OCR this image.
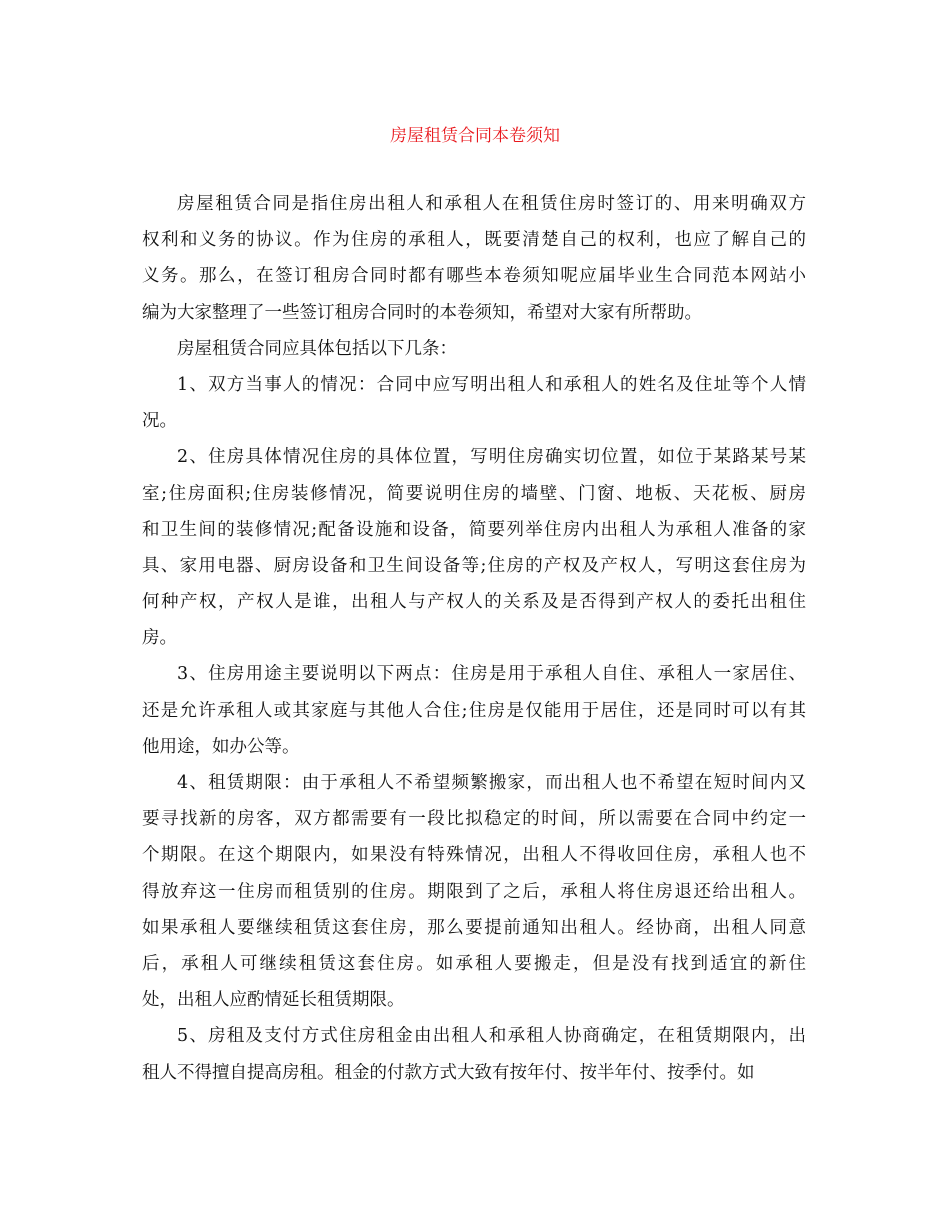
房屋租赁合同本卷须知
房屋租赁合同是指住房出租人和承租人在租赁住房时签订的、用来明确双方
权利和义务的协议。作为住房的承租人，既要清楚自己的权利，也应了解自己的
义务。那么，在签订租房合同时都有哪些本卷须知呢应届毕业生合同范本网站小
编为大家整理了一些签订租房合同时的本卷须知，希望对大家有所帮助。
房屋租赁合同应具体包括以下几条：
1、双方当事人的情况：合同中应写明出租人和承租人的姓名及住址等个人情
况。
2、住房具体情况住房的具体位置，写明住房确实切位置，如位于某路某号某
室;住房面积;住房装修情况，简要说明住房的墙壁、门窗、地板、天花板、厨房
和卫生间的装修情况;配备设施和设备，简要列举住房内出租人为承租人准备的家
具、家用电器、厨房设备和卫生间设备等;住房的产权及产权人，写明这套住房为
何种产权，产权人是谁，出租人与产权人的关系及是否得到产权人的委托出租住
房。
3、住房用途主要说明以下两点：住房是用于承租人自住、承租人一家居住、
还是允许承租人或其家庭与其他人合住;住房是仅能用于居住，还是同时可以有其
他用途，如办公等。
4、租赁期限：由于承租人不希望频繁搬家，而出租人也不希望在短时间内又
要寻找新的房客，双方都需要有一段比拟稳定的时间，所以需要在合同中约定一
个期限。在这个期限内，如果没有特殊情况，出租人不得收回住房，承租人也不
得放弃这一住房而租赁别的住房。期限到了之后，承租人将住房退还给出租人。
如果承租人要继续租赁这套住房，那么要提前通知出租人。经协商，出租人同意
后，承租人可继续租赁这套住房。如承租人要搬走，但是没有找到适宜的新住
处，出租人应酌情延长租赁期限。
5、房租及支付方式住房租金由出租人和承租人协商确定，在租赁期限内，出
租人不得擅自提高房租。租金的付款方式大致有按年付、按半年付、按季付。如
